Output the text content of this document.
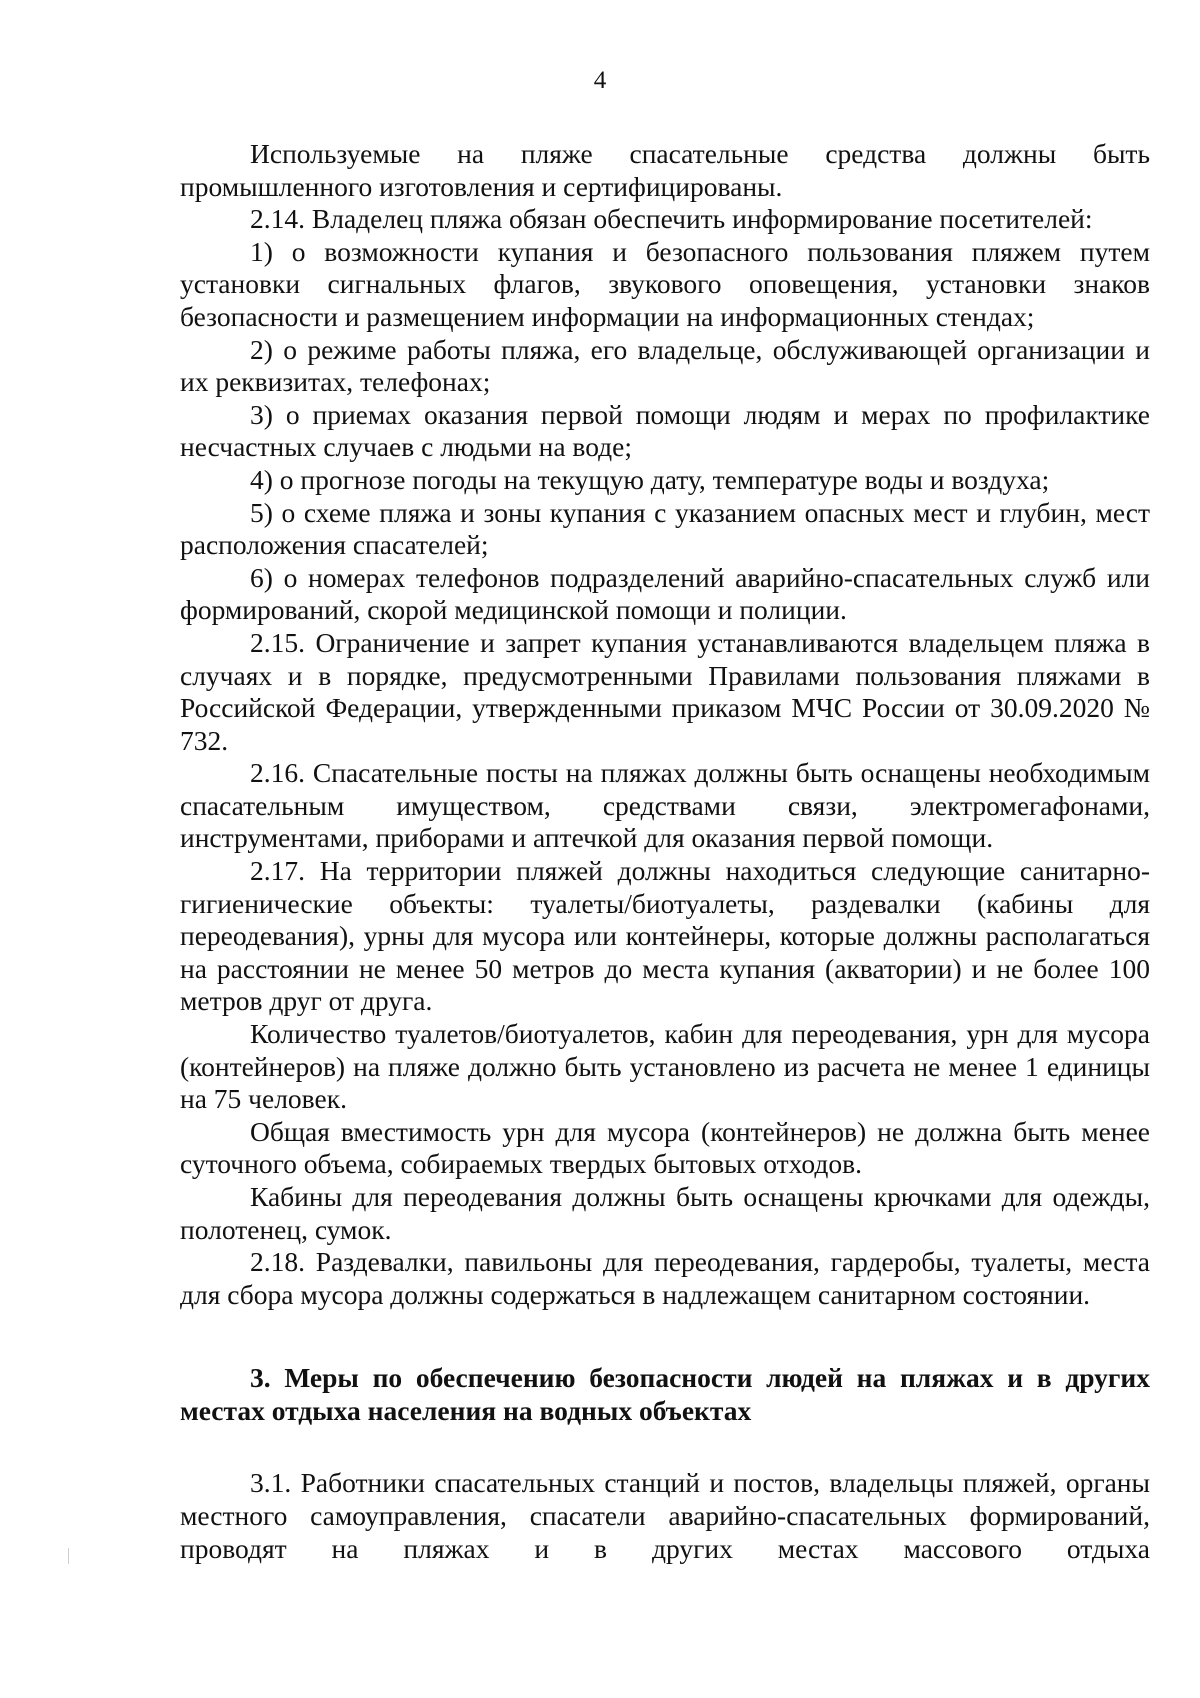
4

Используемые на пляже спасательные средства должны быть промышленного изготовления и сертифицированы.

2.14. Владелец пляжа обязан обеспечить информирование посетителей:

1) о возможности купания и безопасного пользования пляжем путем установки сигнальных флагов, звукового оповещения, установки знаков безопасности и размещением информации на информационных стендах;

2) о режиме работы пляжа, его владельце, обслуживающей организации и их реквизитах, телефонах;

3) о приемах оказания первой помощи людям и мерах по профилактике несчастных случаев с людьми на воде;

4) о прогнозе погоды на текущую дату, температуре воды и воздуха;

5) о схеме пляжа и зоны купания с указанием опасных мест и глубин, мест расположения спасателей;

6) о номерах телефонов подразделений аварийно-спасательных служб или формирований, скорой медицинской помощи и полиции.

2.15. Ограничение и запрет купания устанавливаются владельцем пляжа в случаях и в порядке, предусмотренными Правилами пользования пляжами в Российской Федерации, утвержденными приказом МЧС России от 30.09.2020 № 732.

2.16. Спасательные посты на пляжах должны быть оснащены необходимым спасательным имуществом, средствами связи, электромегафонами, инструментами, приборами и аптечкой для оказания первой помощи.

2.17. На территории пляжей должны находиться следующие санитарно-гигиенические объекты: туалеты/биотуалеты, раздевалки (кабины для переодевания), урны для мусора или контейнеры, которые должны располагаться на расстоянии не менее 50 метров до места купания (акватории) и не более 100 метров друг от друга.

Количество туалетов/биотуалетов, кабин для переодевания, урн для мусора (контейнеров) на пляже должно быть установлено из расчета не менее 1 единицы на 75 человек.

Общая вместимость урн для мусора (контейнеров) не должна быть менее суточного объема, собираемых твердых бытовых отходов.

Кабины для переодевания должны быть оснащены крючками для одежды, полотенец, сумок.

2.18. Раздевалки, павильоны для переодевания, гардеробы, туалеты, места для сбора мусора должны содержаться в надлежащем санитарном состоянии.

3. Меры по обеспечению безопасности людей на пляжах и в других местах отдыха населения на водных объектах

3.1. Работники спасательных станций и постов, владельцы пляжей, органы местного самоуправления, спасатели аварийно-спасательных формирований, проводят на пляжах и в других местах массового отдыха
